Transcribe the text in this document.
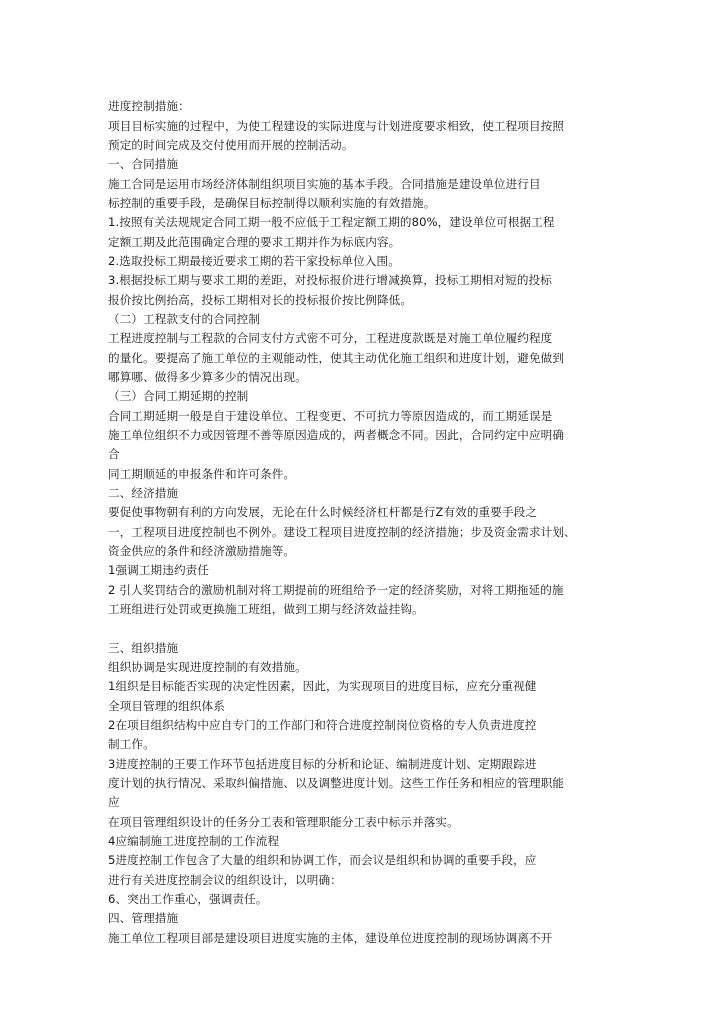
进度控制措施：
项目目标实施的过程中，为使工程建设的实际进度与计划进度要求相致，使工程项目按照
预定的时间完成及交付使用而开展的控制活动。
一、合同措施
施工合同是运用市场经济体制组织项目实施的基本手段。合同措施是建设单位进行目
标控制的重要手段，是确保目标控制得以顺利实施的有效措施。
1.按照有关法规规定合同工期一般不应低于工程定额工期的80%，建设单位可根据工程
定额工期及此范围确定合理的要求工期并作为标底内容。
2.选取投标工期最接近要求工期的若干家投标单位入围。
3.根据投标工期与要求工期的差距，对投标报价进行增减换算，投标工期相对短的投标
报价按比例抬高，投标工期相对长的投标报价按比例降低。
（二）工程款支付的合同控制
工程进度控制与工程款的合同支付方式密不可分，工程进度款既是对施工单位履约程度
的量化。要提高了施工单位的主观能动性，使其主动优化施工组织和进度计划，避免做到
哪算哪、做得多少算多少的情况出现。
（三）合同工期延期的控制
合同工期延期一般是自于建设单位、工程变更、不可抗力等原因造成的，而工期延误是
施工单位组织不力或因管理不善等原因造成的，两者概念不同。因此，合同约定中应明确
合
同工期顺延的申报条件和许可条件。
二、经济措施
要促使事物朝有利的方向发展，无论在什么时候经济杠杆都是行Z有效的重要手段之
一，工程项目进度控制也不例外。建设工程项目进度控制的经济措施；步及资金需求计划、
资金供应的条件和经济激励措施等。
1强调工期违约责任
2 引人奖罚结合的激励机制对将工期提前的班组给予一定的经济奖励，对将工期拖延的施
工班组进行处罚或更换施工班组，做到工期与经济效益挂钩。
三、组织措施
组织协调是实现进度控制的有效措施。
1组织是目标能否实现的决定性因素，因此，为实现项目的进度目标，应充分重视健
全项目管理的组织体系
2在项目组织结构中应自专门的工作部门和符合进度控制岗位资格的专人负责进度控
制工作。
3进度控制的王要工作环节包括进度目标的分析和论证、编制进度计划、定期跟踪进
度计划的执行情况、采取纠偏措施、以及调整进度计划。这些工作任务和相应的管理职能
应
在项目管理组织设计的任务分工表和管理职能分工表中标示并落实。
4应编制施工进度控制的工作流程
5进度控制工作包含了大量的组织和协调工作，而会议是组织和协调的重要手段，应
进行有关进度控制会议的组织设计，以明确：
6、突出工作重心，强调责任。
四、管理措施
施工单位工程项目部是建设项目进度实施的主体，建设单位进度控制的现场协调离不开
